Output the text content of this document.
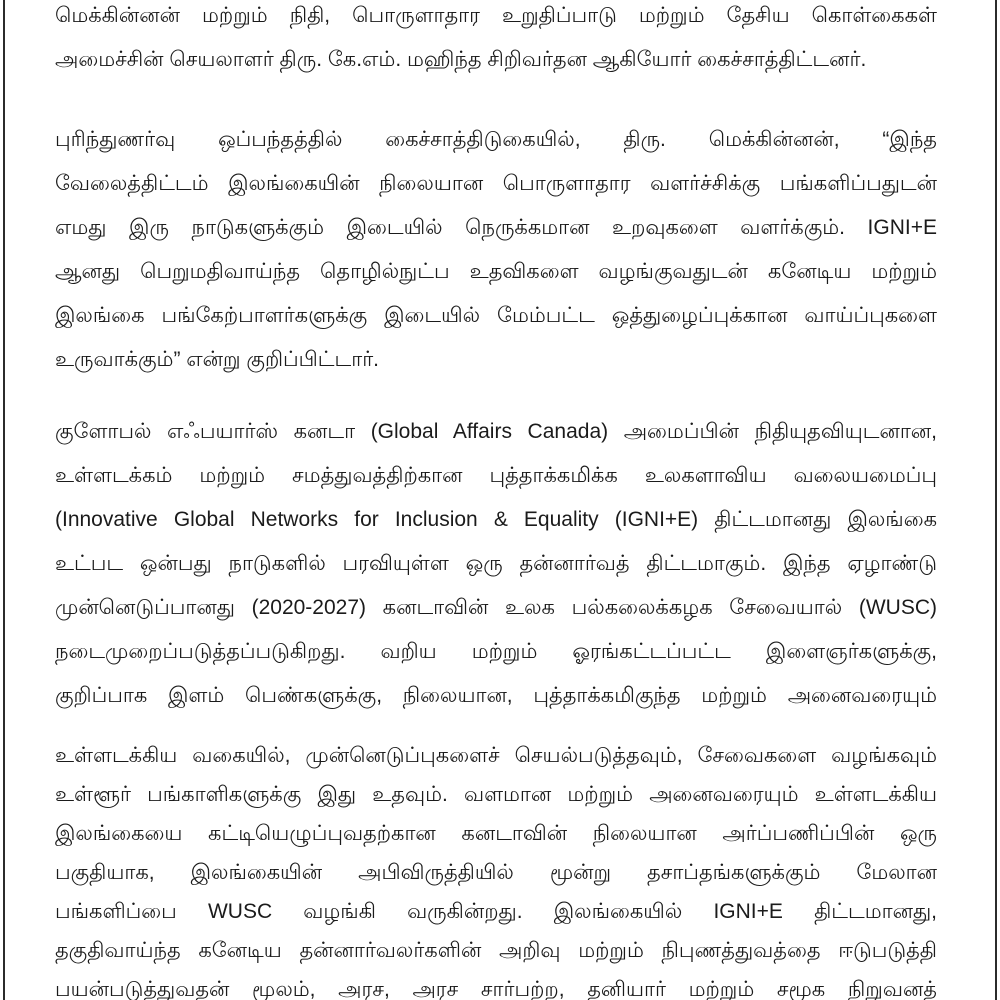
மெக்கின்னன் மற்றும் நிதி, பொருளாதார உறுதிப்பாடு மற்றும் தேசிய கொள்கைகள்
அமைச்சின் செயலாளர் திரு. கே.எம். மஹிந்த சிறிவர்தன ஆகியோர் கைச்சாத்திட்டனர்.
புரிந்துணர்வு ஒப்பந்தத்தில் கைச்சாத்திடுகையில், திரு. மெக்கின்னன், “இந்த
வேலைத்திட்டம் இலங்கையின் நிலையான பொருளாதார வளர்ச்சிக்கு பங்களிப்பதுடன்
எமது இரு நாடுகளுக்கும் இடையில் நெருக்கமான உறவுகளை வளர்க்கும். IGNI+E
ஆனது பெறுமதிவாய்ந்த தொழில்நுட்ப உதவிகளை வழங்குவதுடன் கனேடிய மற்றும்
இலங்கை பங்கேற்பாளர்களுக்கு இடையில் மேம்பட்ட ஒத்துழைப்புக்கான வாய்ப்புகளை
உருவாக்கும்” என்று குறிப்பிட்டார்.
குளோபல் எஃபயார்ஸ் கனடா (Global Affairs Canada) அமைப்பின் நிதியுதவியுடனான,
உள்ளடக்கம் மற்றும் சமத்துவத்திற்கான புத்தாக்கமிக்க உலகளாவிய வலையமைப்பு
(Innovative Global Networks for Inclusion & Equality (IGNI+E) திட்டமானது இலங்கை
உட்பட ஒன்பது நாடுகளில் பரவியுள்ள ஒரு தன்னார்வத் திட்டமாகும். இந்த ஏழாண்டு
முன்னெடுப்பானது (2020-2027) கனடாவின் உலக பல்கலைக்கழக சேவையால் (WUSC)
நடைமுறைப்படுத்தப்படுகிறது. வறிய மற்றும் ஓரங்கட்டப்பட்ட இளைஞர்களுக்கு,
குறிப்பாக இளம் பெண்களுக்கு, நிலையான, புத்தாக்கமிகுந்த மற்றும் அனைவரையும்
உள்ளடக்கிய வகையில், முன்னெடுப்புகளைச் செயல்படுத்தவும், சேவைகளை வழங்கவும்
உள்ளூர் பங்காளிகளுக்கு இது உதவும். வளமான மற்றும் அனைவரையும் உள்ளடக்கிய
இலங்கையை கட்டியெழுப்புவதற்கான கனடாவின் நிலையான அர்ப்பணிப்பின் ஒரு
பகுதியாக, இலங்கையின் அபிவிருத்தியில் மூன்று தசாப்தங்களுக்கும் மேலான
பங்களிப்பை WUSC வழங்கி வருகின்றது. இலங்கையில் IGNI+E திட்டமானது,
தகுதிவாய்ந்த கனேடிய தன்னார்வலர்களின் அறிவு மற்றும் நிபுணத்துவத்தை ஈடுபடுத்தி
பயன்படுத்துவதன் மூலம், அரச, அரச சார்பற்ற, தனியார் மற்றும் சமூக நிறுவனத்
